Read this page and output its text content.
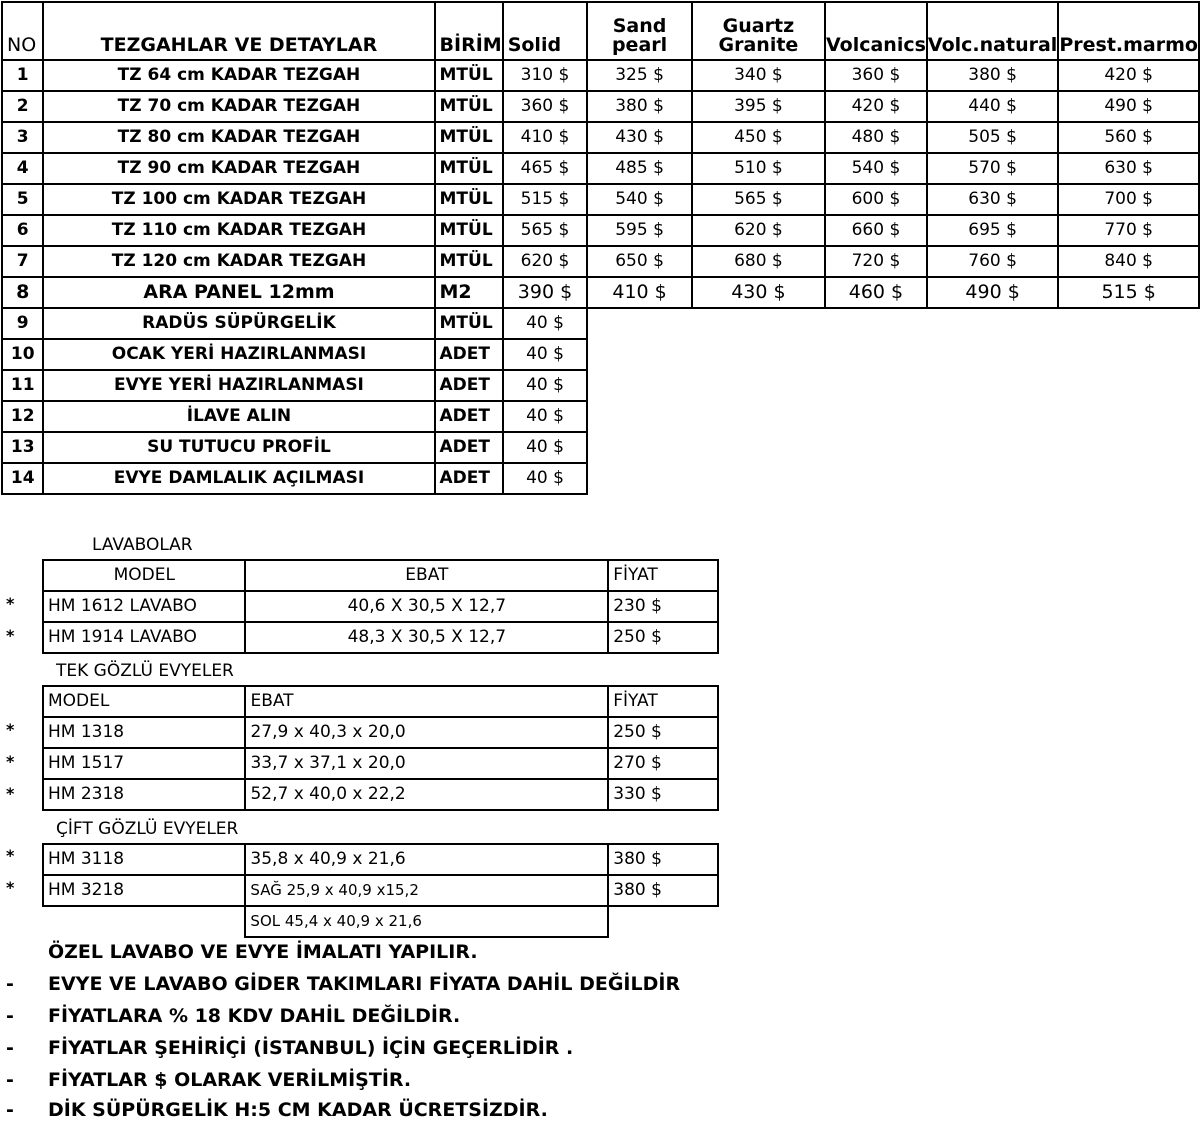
NO	TEZGAHLAR VE DETAYLAR	BİRİM	Solid	Sand pearl	Guartz Granite	Volcanics	Volc.natural	Prest.marmo
1	TZ 64 cm KADAR TEZGAH	MTÜL	310 $	325 $	340 $	360 $	380 $	420 $
2	TZ 70 cm KADAR TEZGAH	MTÜL	360 $	380 $	395 $	420 $	440 $	490 $
3	TZ 80 cm KADAR TEZGAH	MTÜL	410 $	430 $	450 $	480 $	505 $	560 $
4	TZ 90 cm KADAR TEZGAH	MTÜL	465 $	485 $	510 $	540 $	570 $	630 $
5	TZ 100 cm KADAR TEZGAH	MTÜL	515 $	540 $	565 $	600 $	630 $	700 $
6	TZ 110 cm KADAR TEZGAH	MTÜL	565 $	595 $	620 $	660 $	695 $	770 $
7	TZ 120 cm KADAR TEZGAH	MTÜL	620 $	650 $	680 $	720 $	760 $	840 $
8	ARA PANEL 12mm	M2	390 $	410 $	430 $	460 $	490 $	515 $
9	RADÜS SÜPÜRGELİK	MTÜL	40 $					
10	OCAK YERİ HAZIRLANMASI	ADET	40 $					
11	EVYE YERİ HAZIRLANMASI	ADET	40 $					
12	İLAVE ALIN	ADET	40 $					
13	SU TUTUCU PROFİL	ADET	40 $					
14	EVYE DAMLALIK AÇILMASI	ADET	40 $					
LAVABOLAR
MODEL	EBAT	FİYAT
HM 1612 LAVABO	40,6 X 30,5 X 12,7	230 $
HM 1914 LAVABO	48,3 X 30,5 X 12,7	250 $
*
*
TEK GÖZLÜ EVYELER
MODEL	EBAT	FİYAT
HM 1318	27,9 x 40,3 x 20,0	250 $
HM 1517	33,7 x 37,1 x 20,0	270 $
HM 2318	52,7 x 40,0 x 22,2	330 $
*
*
*
ÇİFT GÖZLÜ EVYELER
HM 3118	35,8 x 40,9 x 21,6	380 $
HM 3218	SAĞ 25,9 x 40,9 x15,2	380 $
	SOL 45,4 x 40,9 x 21,6	
*
*
ÖZEL LAVABO VE EVYE İMALATI YAPILIR.
- EVYE VE LAVABO GİDER TAKIMLARI FİYATA DAHİL DEĞİLDİR
- FİYATLARA % 18 KDV DAHİL DEĞİLDİR.
- FİYATLAR ŞEHİRİÇİ (İSTANBUL) İÇİN GEÇERLİDİR .
- FİYATLAR $ OLARAK VERİLMİŞTİR.
- DİK SÜPÜRGELİK H:5 CM KADAR ÜCRETSİZDİR.
